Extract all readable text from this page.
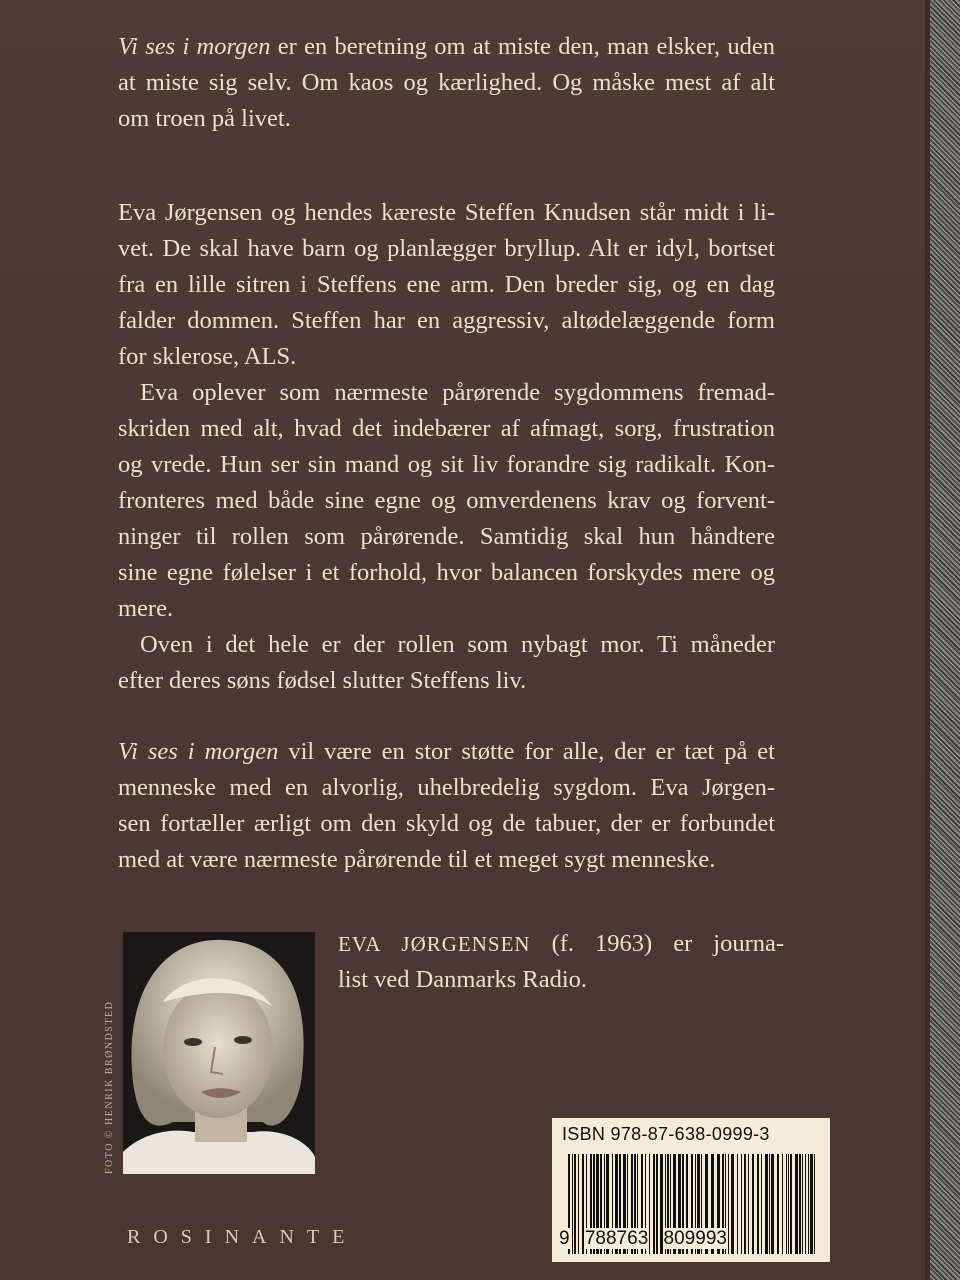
Vi ses i morgen er en beretning om at miste den, man elsker, uden
at miste sig selv. Om kaos og kærlighed. Og måske mest af alt
om troen på livet.
Eva Jørgensen og hendes kæreste Steffen Knudsen står midt i li-
vet. De skal have barn og planlægger bryllup. Alt er idyl, bortset
fra en lille sitren i Steffens ene arm. Den breder sig, og en dag
falder dommen. Steffen har en aggressiv, altødelæggende form
for sklerose, ALS.
Eva oplever som nærmeste pårørende sygdommens fremad-
skriden med alt, hvad det indebærer af afmagt, sorg, frustration
og vrede. Hun ser sin mand og sit liv forandre sig radikalt. Kon-
fronteres med både sine egne og omverdenens krav og forvent-
ninger til rollen som pårørende. Samtidig skal hun håndtere
sine egne følelser i et forhold, hvor balancen forskydes mere og
mere.
Oven i det hele er der rollen som nybagt mor. Ti måneder
efter deres søns fødsel slutter Steffens liv.
Vi ses i morgen vil være en stor støtte for alle, der er tæt på et
menneske med en alvorlig, uhelbredelig sygdom. Eva Jørgen-
sen fortæller ærligt om den skyld og de tabuer, der er forbundet
med at være nærmeste pårørende til et meget sygt menneske.
FOTO © HENRIK BRØNDSTED
EVA JØRGENSEN (f. 1963) er journa-
list ved Danmarks Radio.
ROSINANTE
ISBN 978-87-638-0999-3
9 788763 809993
